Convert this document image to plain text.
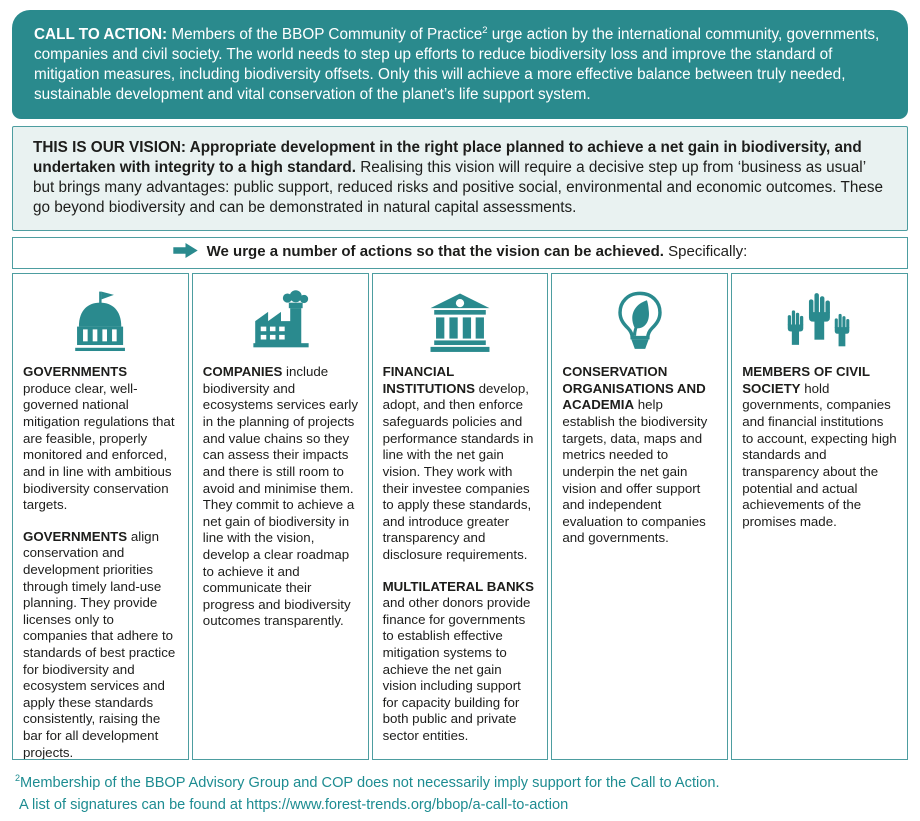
CALL TO ACTION: Members of the BBOP Community of Practice$^2$ urge action by the international community, governments, companies and civil society. The world needs to step up efforts to reduce biodiversity loss and improve the standard of mitigation measures, including biodiversity offsets. Only this will achieve a more effective balance between truly needed, sustainable development and vital conservation of the planet’s life support system.
THIS IS OUR VISION: Appropriate development in the right place planned to achieve a net gain in biodiversity, and undertaken with integrity to a high standard. Realising this vision will require a decisive step up from ‘business as usual’ but brings many advantages: public support, reduced risks and positive social, environmental and economic outcomes. These go beyond biodiversity and can be demonstrated in natural capital assessments.
We urge a number of actions so that the vision can be achieved. Specifically:

GOVERNMENTS produce clear, well-governed national mitigation regulations that are feasible, properly monitored and enforced, and in line with ambitious biodiversity conservation targets.

GOVERNMENTS align conservation and development priorities through timely land-use planning. They provide licenses only to companies that adhere to standards of best practice for biodiversity and ecosystem services and apply these standards consistently, raising the bar for all development projects.

COMPANIES include biodiversity and ecosystems services early in the planning of projects and value chains so they can assess their impacts and there is still room to avoid and minimise them. They commit to achieve a net gain of biodiversity in line with the vision, develop a clear roadmap to achieve it and communicate their progress and biodiversity outcomes transparently.

FINANCIAL INSTITUTIONS develop, adopt, and then enforce safeguards policies and performance standards in line with the net gain vision. They work with their investee companies to apply these standards, and introduce greater transparency and disclosure requirements.

MULTILATERAL BANKS and other donors provide finance for governments to establish effective mitigation systems to achieve the net gain vision including support for capacity building for both public and private sector entities.

CONSERVATION ORGANISATIONS AND ACADEMIA help establish the biodiversity targets, data, maps and metrics needed to underpin the net gain vision and offer support and independent evaluation to companies and governments.

MEMBERS OF CIVIL SOCIETY hold governments, companies and financial institutions to account, expecting high standards and transparency about the potential and actual achievements of the promises made.

$^2$Membership of the BBOP Advisory Group and COP does not necessarily imply support for the Call to Action.
A list of signatures can be found at https://www.forest-trends.org/bbop/a-call-to-action
